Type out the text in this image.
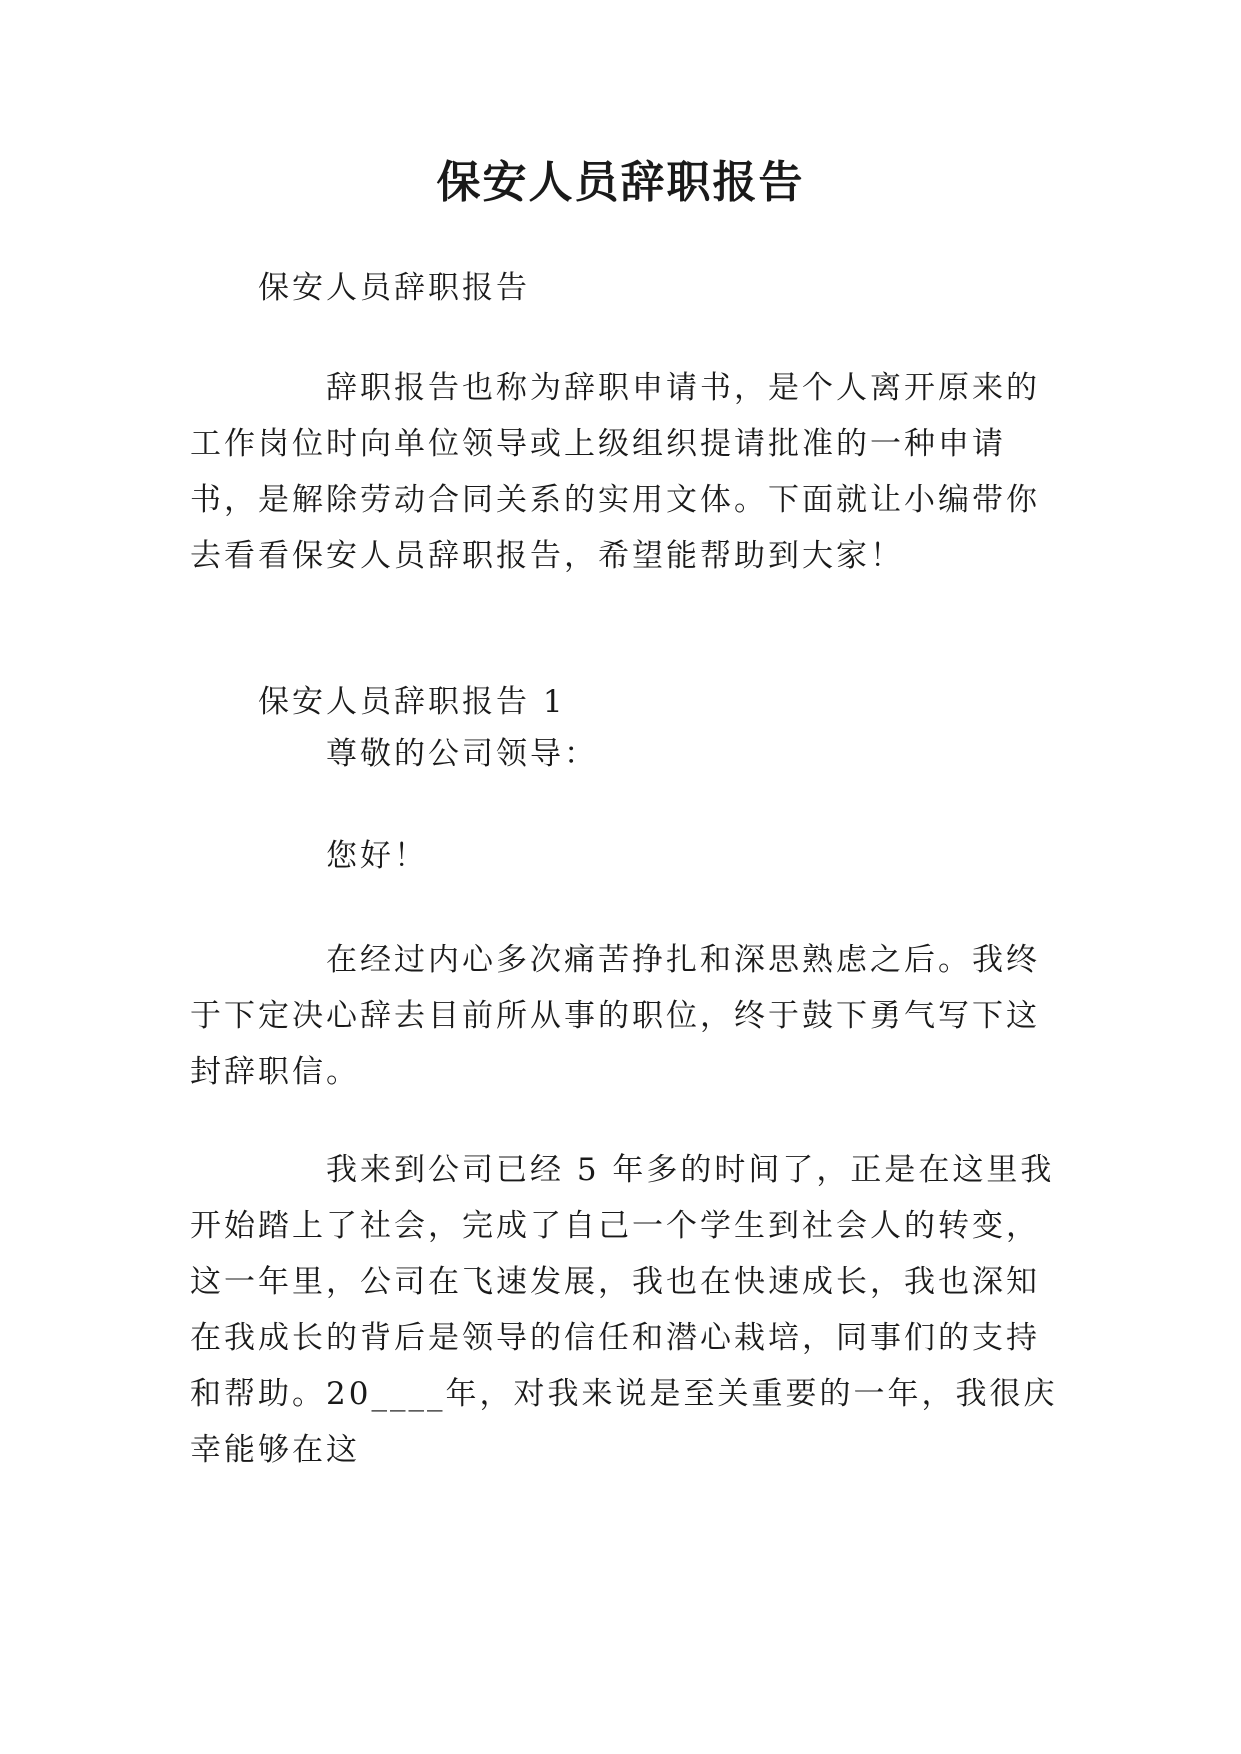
保安人员辞职报告

保安人员辞职报告

辞职报告也称为辞职申请书，是个人离开原来的工作岗位时向单位领导或上级组织提请批准的一种申请书，是解除劳动合同关系的实用文体。下面就让小编带你去看看保安人员辞职报告，希望能帮助到大家！

保安人员辞职报告 1

尊敬的公司领导：

您好！

在经过内心多次痛苦挣扎和深思熟虑之后。我终于下定决心辞去目前所从事的职位，终于鼓下勇气写下这封辞职信。

我来到公司已经 5 年多的时间了，正是在这里我开始踏上了社会，完成了自己一个学生到社会人的转变，这一年里，公司在飞速发展，我也在快速成长，我也深知在我成长的背后是领导的信任和潜心栽培，同事们的支持和帮助。20____年，对我来说是至关重要的一年，我很庆幸能够在这
